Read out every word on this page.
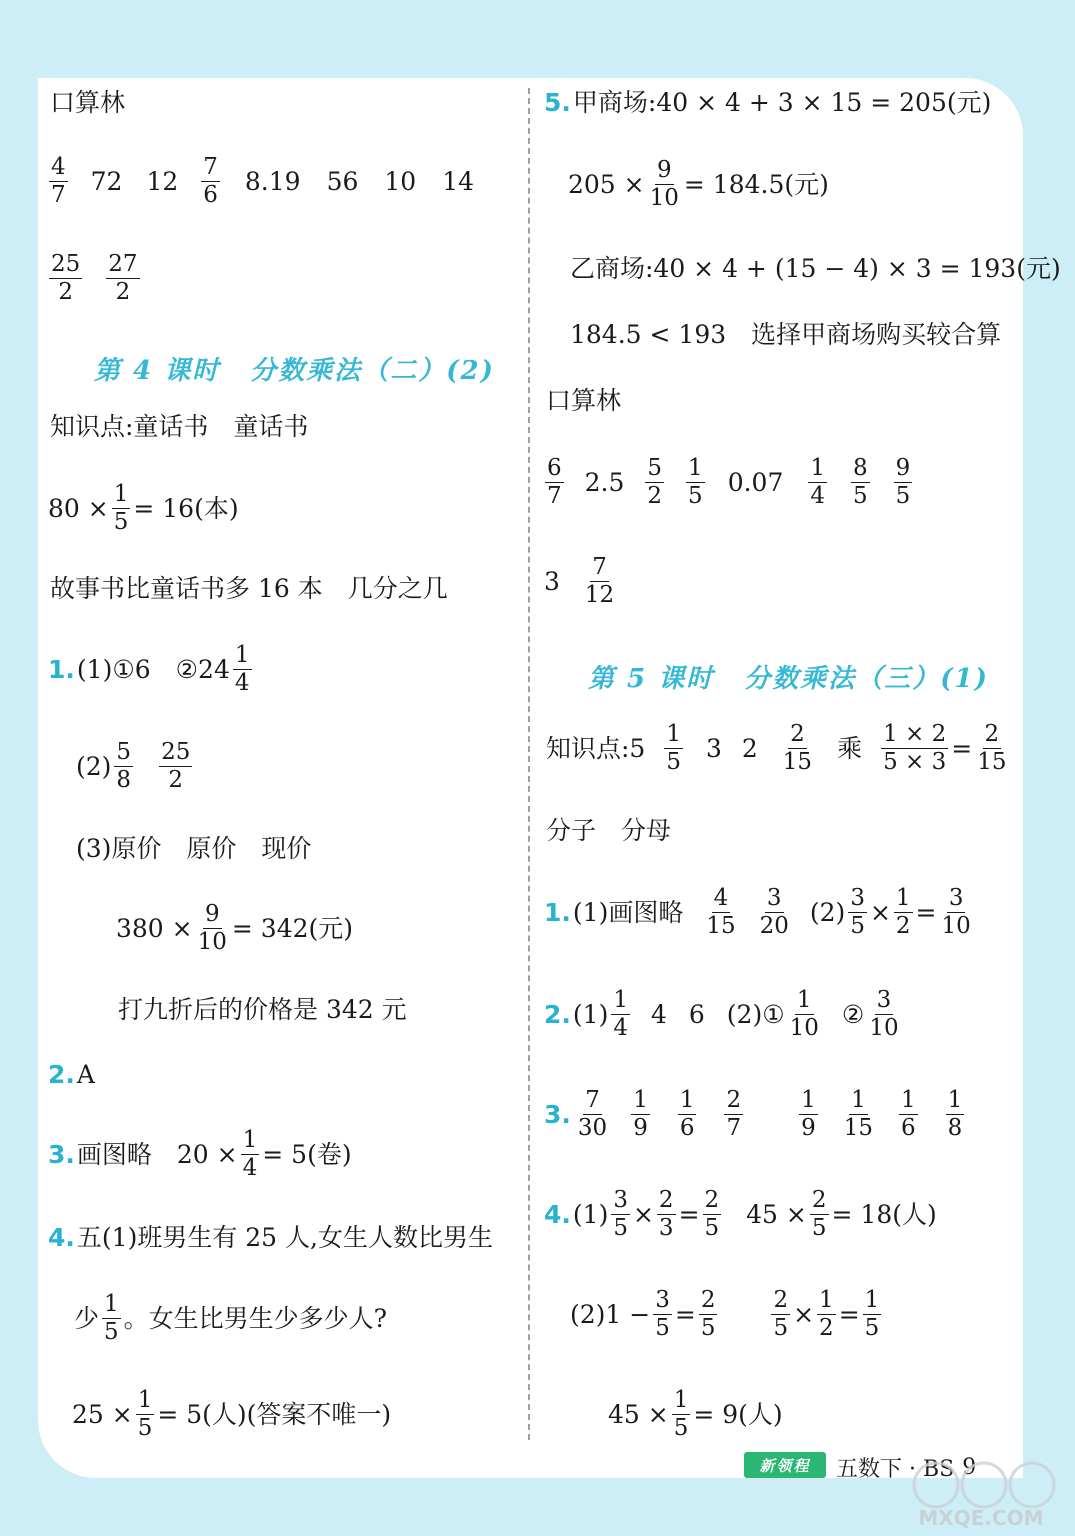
口算林
$\frac{4}{7} 72$ $12 \frac{7}{6} 8.19$ 56 10 14
$\frac{25}{2} \frac{27}{2}$
第 4 课时 分数乘法（二）(2)
知识点:童话书　童话书
$80 \times \frac{1}{5} = 16$(本)
故事书比童话书多 16 本　几分之几
1. (1)①6　②24 $\frac{1}{4}$
$(2) \frac{5}{8} \frac{25}{2}$
(3)原价　原价　现价
$380 \times \frac{9}{10} = 342$(元)
打九折后的价格是 342 元
2. A
3. 画图略　$20 \times \frac{1}{4} = 5$(卷)
4. 五(1)班男生有 25 人,女生人数比男生
少 $\frac{1}{5}$ 。女生比男生少多少人?
$25 \times \frac{1}{5} = 5$(人)(答案不唯一)
5. 甲商场:40 × 4 + 3 × 15 = 205(元)
$205 \times \frac{9}{10} = 184.5$(元)
乙商场:40 × 4 + (15 − 4) × 3 = 193(元)
184.5 < 193　选择甲商场购买较合算
口算林
$\frac{6}{7} 2.5 \frac{5}{2} \frac{1}{5} 0.07 \frac{1}{4} \frac{8}{5} \frac{9}{5}$
$3 \frac{7}{12}$
第 5 课时 分数乘法（三）(1)
知识点:5 $\frac{1}{5} 3$ $2 \frac{2}{15}$ 乘 $\frac{1 \times 2}{5 \times 3} = \frac{2}{15}$
分子　分母
1. (1)画图略 $\frac{4}{15} \frac{3}{20} (2) \frac{3}{5} \times \frac{1}{2} = \frac{3}{10}$
2. $(1) \frac{1}{4} 4$ 6 (2)① $\frac{1}{10}$ ② $\frac{3}{10}$
3. $\frac{7}{30} \frac{1}{9} \frac{1}{6} \frac{2}{7} \frac{1}{9} \frac{1}{15} \frac{1}{6} \frac{1}{8}$
4. $(1) \frac{3}{5} \times \frac{2}{3} = \frac{2}{5} 45 \times \frac{2}{5} = 18$(人)
$(2)1 - \frac{3}{5} = \frac{2}{5} \frac{2}{5} \times \frac{1}{2} = \frac{1}{5}$
$45 \times \frac{1}{5} = 9$(人)
新领程 五数下 · BS 9
MXQE.COM
